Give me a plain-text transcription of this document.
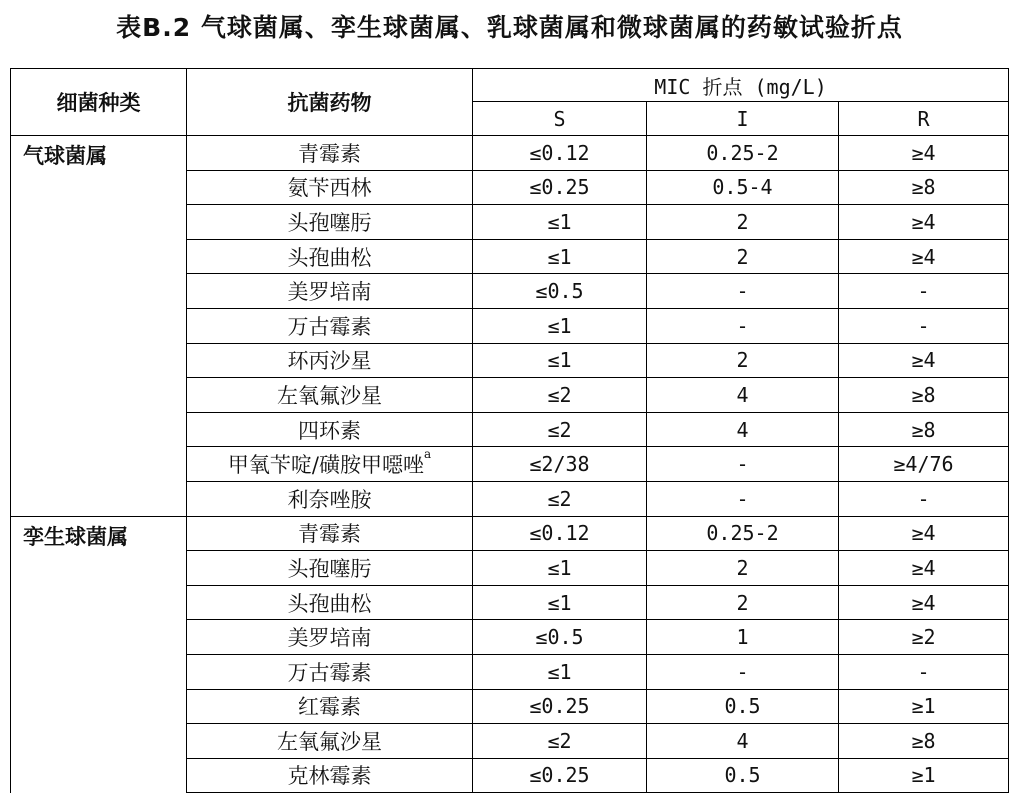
表B.2 气球菌属、孪生球菌属、乳球菌属和微球菌属的药敏试验折点
细菌种类	抗菌药物	MIC 折点 (mg/L)		
		S	I	R
气球菌属	青霉素	≤0.12	0.25-2	≥4
	氨苄西林	≤0.25	0.5-4	≥8
	头孢噻肟	≤1	2	≥4
	头孢曲松	≤1	2	≥4
	美罗培南	≤0.5	-	-
	万古霉素	≤1	-	-
	环丙沙星	≤1	2	≥4
	左氧氟沙星	≤2	4	≥8
	四环素	≤2	4	≥8
	甲氧苄啶/磺胺甲噁唑$^a$	≤2/38	-	≥4/76
	利奈唑胺	≤2	-	-
孪生球菌属	青霉素	≤0.12	0.25-2	≥4
	头孢噻肟	≤1	2	≥4
	头孢曲松	≤1	2	≥4
	美罗培南	≤0.5	1	≥2
	万古霉素	≤1	-	-
	红霉素	≤0.25	0.5	≥1
	左氧氟沙星	≤2	4	≥8
	克林霉素	≤0.25	0.5	≥1
